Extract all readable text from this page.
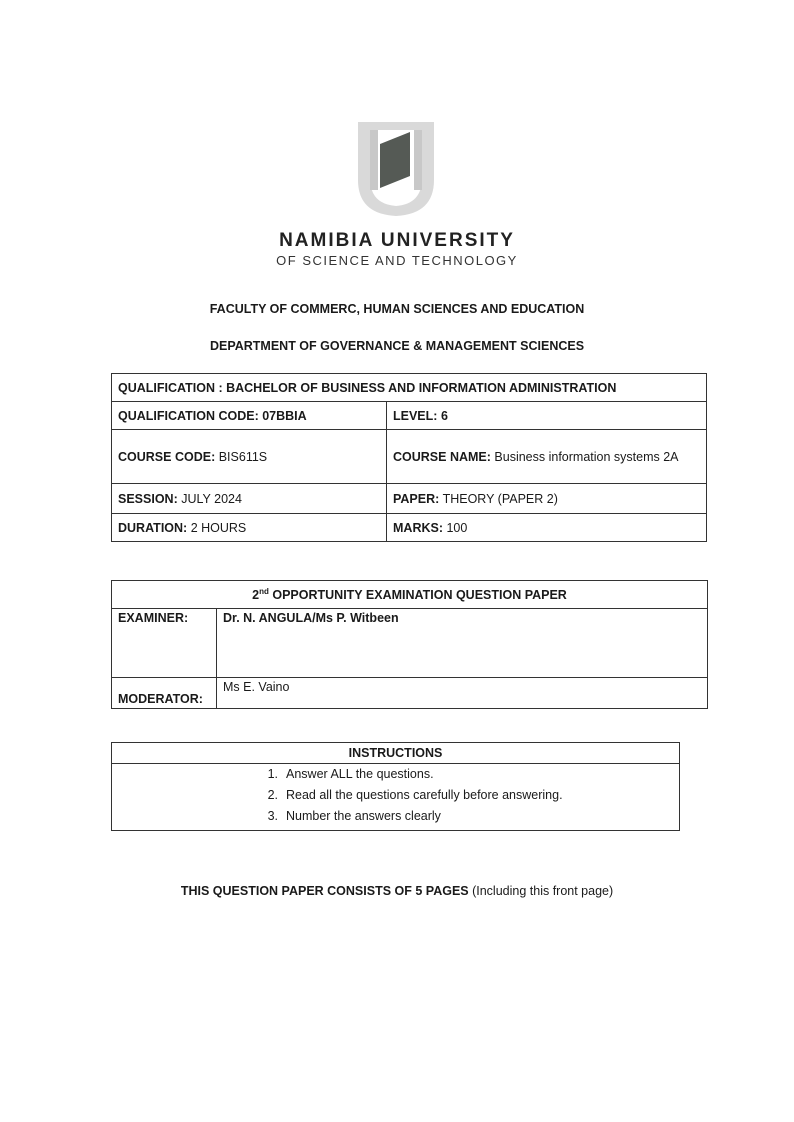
NAMIBIA UNIVERSITY
OF SCIENCE AND TECHNOLOGY
FACULTY OF COMMERC, HUMAN SCIENCES AND EDUCATION
DEPARTMENT OF GOVERNANCE & MANAGEMENT SCIENCES
QUALIFICATION : BACHELOR OF BUSINESS AND INFORMATION ADMINISTRATION	
QUALIFICATION CODE: 07BBIA	LEVEL: 6
COURSE CODE: BIS611S	COURSE NAME: Business information systems 2A
SESSION: JULY 2024	PAPER: THEORY (PAPER 2)
DURATION: 2 HOURS	MARKS: 100
2nd OPPORTUNITY EXAMINATION QUESTION PAPER	
EXAMINER:	Dr. N. ANGULA/Ms P. Witbeen
MODERATOR:	Ms E. Vaino
INSTRUCTIONS

1. Answer ALL the questions.
2. Read all the questions carefully before answering.
3. Number the answers clearly
THIS QUESTION PAPER CONSISTS OF 5 PAGES (Including this front page)
